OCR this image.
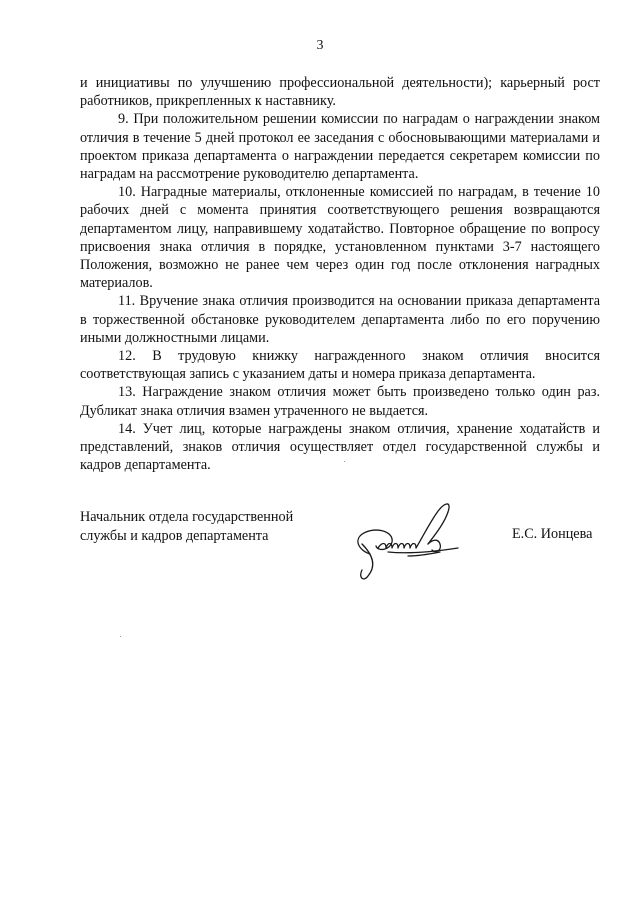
3

и инициативы по улучшению профессиональной деятельности); карьерный рост работников, прикрепленных к наставнику.

9. При положительном решении комиссии по наградам о награждении знаком отличия в течение 5 дней протокол ее заседания с обосновывающими материалами и проектом приказа департамента о награждении передается секретарем комиссии по наградам на рассмотрение руководителю департамента.

10. Наградные материалы, отклоненные комиссией по наградам, в течение 10 рабочих дней с момента принятия соответствующего решения возвращаются департаментом лицу, направившему ходатайство. Повторное обращение по вопросу присвоения знака отличия в порядке, установленном пунктами 3-7 настоящего Положения, возможно не ранее чем через один год после отклонения наградных материалов.

11. Вручение знака отличия производится на основании приказа департамента в торжественной обстановке руководителем департамента либо по его поручению иными должностными лицами.

12. В трудовую книжку награжденного знаком отличия вносится соответствующая запись с указанием даты и номера приказа департамента.

13. Награждение знаком отличия может быть произведено только один раз. Дубликат знака отличия взамен утраченного не выдается.

14. Учет лиц, которые награждены знаком отличия, хранение ходатайств и представлений, знаков отличия осуществляет отдел государственной службы и кадров департамента.

Начальник отдела государственной
службы и кадров департамента	Е.С. Ионцева
